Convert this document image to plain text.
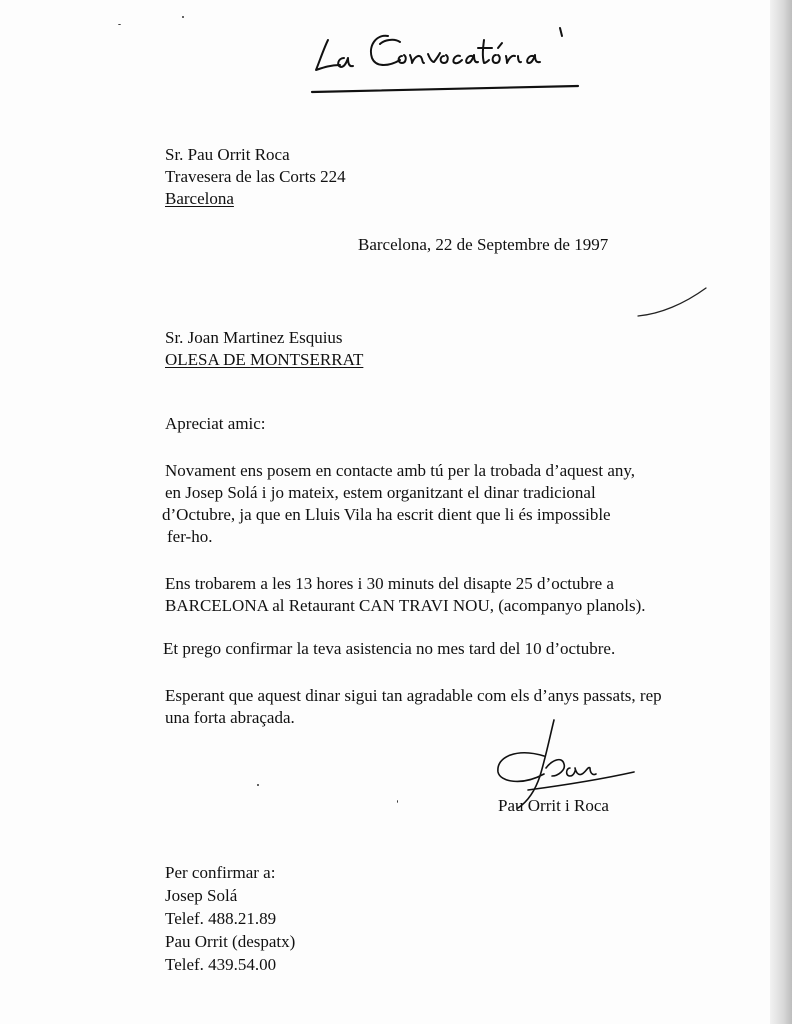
Sr. Pau Orrit Roca
Travesera de las Corts 224
Barcelona
Barcelona, 22 de Septembre de 1997
Sr. Joan Martinez Esquius
OLESA DE MONTSERRAT
Apreciat amic:
Novament ens posem en contacte amb tú per la trobada d’aquest any,
en Josep Solá i jo mateix, estem organitzant el dinar tradicional
d’Octubre, ja que en Lluis Vila ha escrit dient que li és impossible
fer-ho.
Ens trobarem a les 13 hores i 30 minuts del disapte 25 d’octubre a
BARCELONA al Retaurant CAN TRAVI NOU, (acompanyo planols).
Et prego confirmar la teva asistencia no mes tard del 10 d’octubre.
Esperant que aquest dinar sigui tan agradable com els d’anys passats, rep
una forta abraçada.
Pau Orrit i Roca
Per confirmar a:
Josep Solá
Telef. 488.21.89
Pau Orrit (despatx)
Telef. 439.54.00
